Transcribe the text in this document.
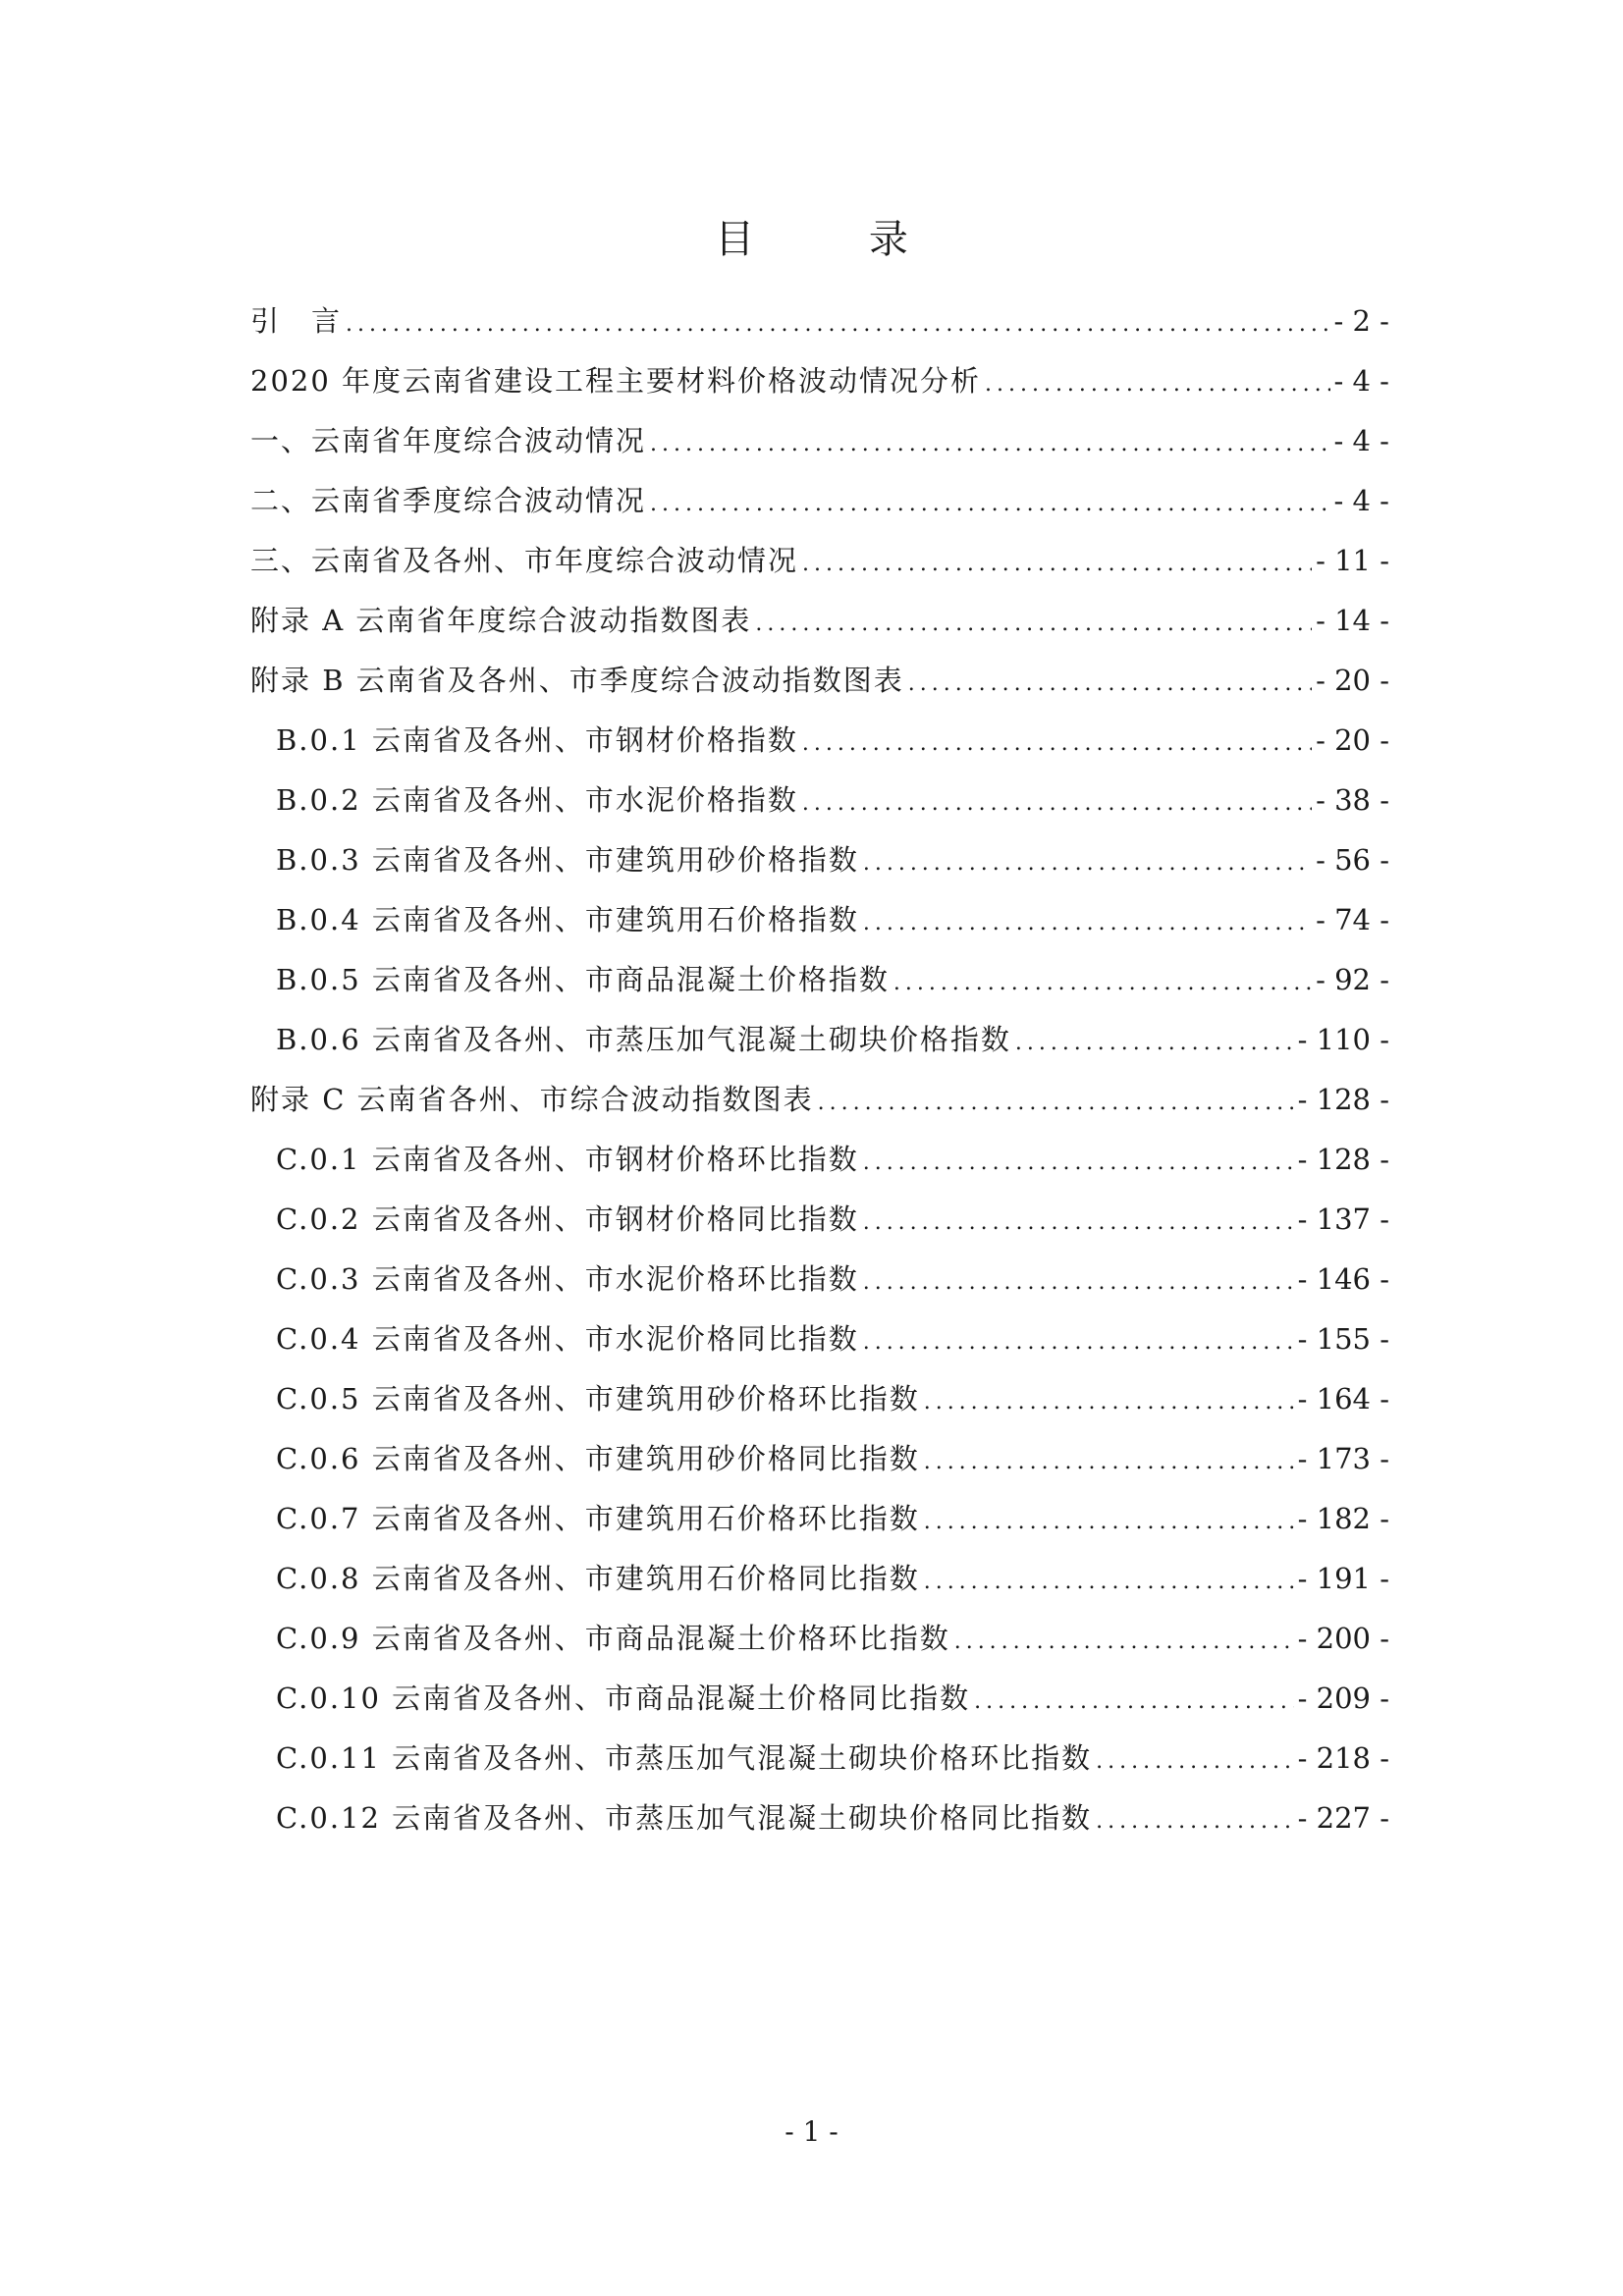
目 录
引　言 . . .	- 2 -
2020 年度云南省建设工程主要材料价格波动情况分析 . . .	- 4 -
一、云南省年度综合波动情况 . . .	- 4 -
二、云南省季度综合波动情况 . . .	- 4 -
三、云南省及各州、市年度综合波动情况 . . .	- 11 -
附录 A 云南省年度综合波动指数图表 . . .	- 14 -
附录 B 云南省及各州、市季度综合波动指数图表 . . .	- 20 -
B.0.1 云南省及各州、市钢材价格指数 . . .	- 20 -
B.0.2 云南省及各州、市水泥价格指数 . . .	- 38 -
B.0.3 云南省及各州、市建筑用砂价格指数 . . .	- 56 -
B.0.4 云南省及各州、市建筑用石价格指数 . . .	- 74 -
B.0.5 云南省及各州、市商品混凝土价格指数 . . .	- 92 -
B.0.6 云南省及各州、市蒸压加气混凝土砌块价格指数 . . .	- 110 -
附录 C 云南省各州、市综合波动指数图表 . . .	- 128 -
C.0.1 云南省及各州、市钢材价格环比指数 . . .	- 128 -
C.0.2 云南省及各州、市钢材价格同比指数 . . .	- 137 -
C.0.3 云南省及各州、市水泥价格环比指数 . . .	- 146 -
C.0.4 云南省及各州、市水泥价格同比指数 . . .	- 155 -
C.0.5 云南省及各州、市建筑用砂价格环比指数 . . .	- 164 -
C.0.6 云南省及各州、市建筑用砂价格同比指数 . . .	- 173 -
C.0.7 云南省及各州、市建筑用石价格环比指数 . . .	- 182 -
C.0.8 云南省及各州、市建筑用石价格同比指数 . . .	- 191 -
C.0.9 云南省及各州、市商品混凝土价格环比指数 . . .	- 200 -
C.0.10 云南省及各州、市商品混凝土价格同比指数 . . .	- 209 -
C.0.11 云南省及各州、市蒸压加气混凝土砌块价格环比指数 . . .	- 218 -
C.0.12 云南省及各州、市蒸压加气混凝土砌块价格同比指数 . . .	- 227 -
- 1 -
